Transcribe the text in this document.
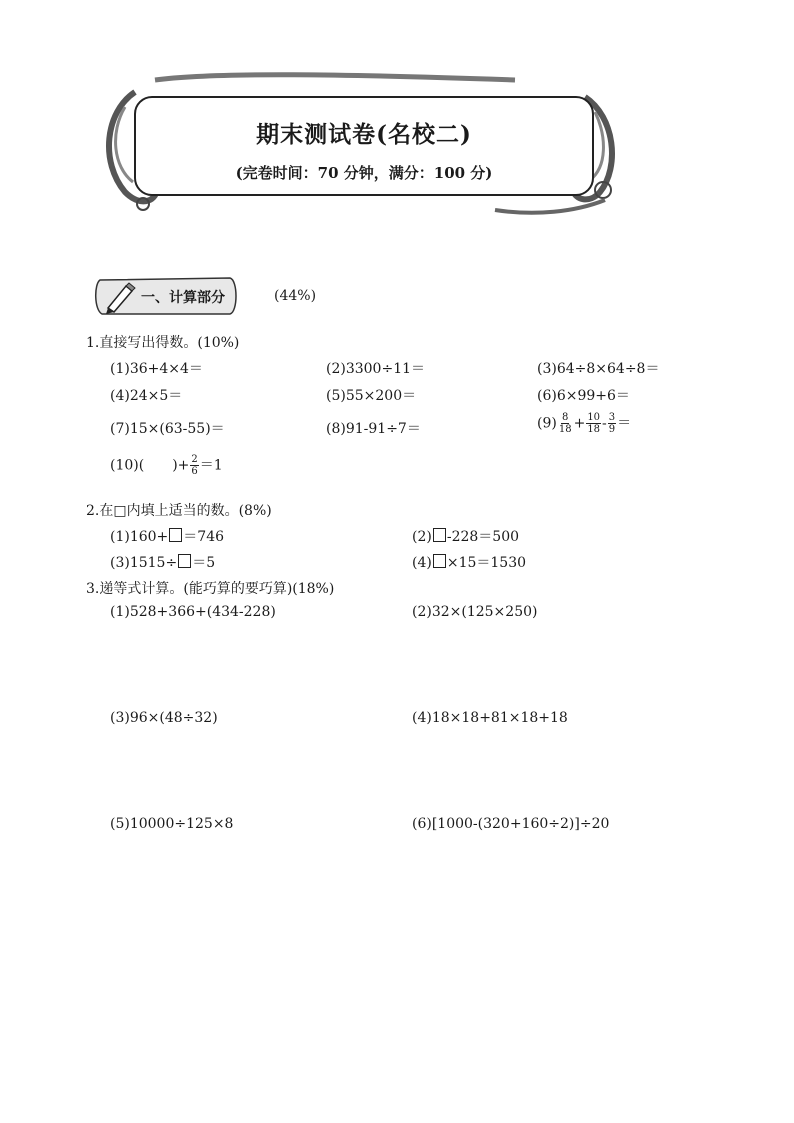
期末测试卷(名校二)
(完卷时间：70 分钟，满分：100 分)
一、计算部分	(44%)
1.直接写出得数。(10%)
(1)36+4×4＝	(2)3300÷11＝	(3)64÷8×64÷8＝
(4)24×5＝	(5)55×200＝	(6)6×99+6＝
(7)15×(63-55)＝	(8)91-91÷7＝	$(9) \frac{8}{18} + \frac{10}{18} - \frac{3}{9}$ ＝
(10)(　　)+ $\frac{2}{6} =1$
2.在□内填上适当的数。(8%)
(1)160+ ＝746	(2) -228＝500
(3)1515÷ ＝5	(4) ×15＝1530
3.递等式计算。(能巧算的要巧算)(18%)
(1)528+366+(434-228)	(2)32×(125×250)
(3)96×(48÷32)	(4)18×18+81×18+18
(5)10000÷125×8	(6)[1000-(320+160÷2)]÷20
